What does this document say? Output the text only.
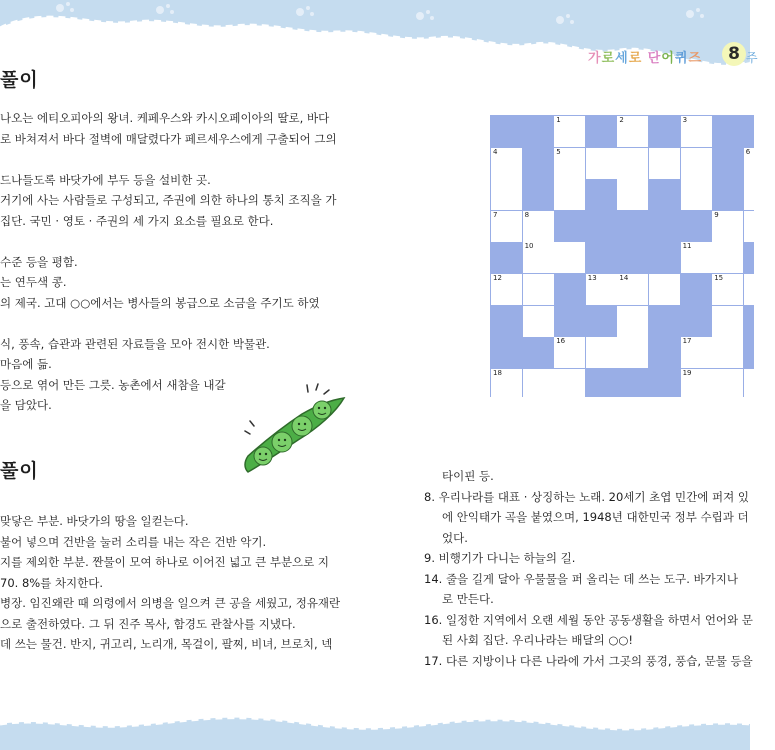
가로세로 단어퀴즈	8 주
풀이
나오는 에티오피아의 왕녀. 케페우스와 카시오페이아의 딸로, 바다
로 바쳐져서 바다 절벽에 매달렸다가 페르세우스에게 구출되어 그의
드나들도록 바닷가에 부두 등을 설비한 곳.
거기에 사는 사람들로 구성되고, 주권에 의한 하나의 통치 조직을 가
집단. 국민 · 영토 · 주권의 세 가지 요소를 필요로 한다.
수준 등을 평함.
는 연두색 콩.
의 제국. 고대 ○○에서는 병사들의 봉급으로 소금을 주기도 하였
식, 풍속, 습관과 관련된 자료들을 모아 전시한 박물관.
마음에 듦.
등으로 엮어 만든 그릇. 농촌에서 새참을 내갈
을 담았다.
풀이
맞닿은 부분. 바닷가의 땅을 일컫는다.
불어 넣으며 건반을 눌러 소리를 내는 작은 건반 악기.
지를 제외한 부분. 짠물이 모여 하나로 이어진 넓고 큰 부분으로 지
70. 8%를 차지한다.
병장. 임진왜란 때 의령에서 의병을 일으켜 큰 공을 세웠고, 정유재란
으로 출전하였다. 그 뒤 진주 목사, 함경도 관찰사를 지냈다.
데 쓰는 물건. 반지, 귀고리, 노리개, 목걸이, 팔찌, 비녀, 브로치, 넥
1	2	3
4	5	6
7	8	9
10	11
12	13	14	15
16	17
18	19
타이핀 등.
8. 우리나라를 대표 · 상징하는 노래. 20세기 초엽 민간에 퍼져 있
에 안익태가 곡을 붙였으며, 1948년 대한민국 정부 수립과 더
었다.
9. 비행기가 다니는 하늘의 길.
14. 줄을 길게 달아 우물물을 퍼 올리는 데 쓰는 도구. 바가지나
로 만든다.
16. 일정한 지역에서 오랜 세월 동안 공동생활을 하면서 언어와 문
된 사회 집단. 우리나라는 배달의 ○○!
17. 다른 지방이나 다른 나라에 가서 그곳의 풍경, 풍습, 문물 등을
